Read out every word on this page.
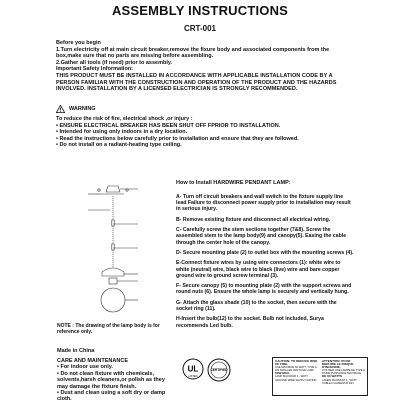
ASSEMBLY INSTRUCTIONS
CRT-001

Before you begin

1.Turn electricity off at main circuit breaker,remove the fixure body and associated components from the box,make sure that no parts are missing before assembling.

2.Gather all tools (if need) prior to assembly.

Important Safety Information:

THIS PRODUCT MUST BE INSTALLED IN ACCORDANCE WITH APPLICABLE INSTALLATION CODE BY A PERSON FAMILIAR WITH THE CONSTRUCTION AND OPERATION OF THE PRODUCT AND THE HAZARDS INVOLVED. INSTALLATION BY A LICENSED ELECTRICIAN IS STRONGLY RECOMMENDED.

WARNING

To reduce the risk of fire, electrical shock ,or injury :

• ENSURE ELECTRICAL BREAKER HAS BEEN SHUT OFF FPRIOR TO INSTALLATION.

• Intended for using only indoors in a dry location.

• Read the instructions below carefully prior to installation and ensure that they are followed.

• Do not install on a radiant-heating type ceiling.

How to Install HARDWIRE PENDANT LAMP:

A- Turn off circuit breakers and wall switch to the fixture supply line lead Failure to disconnect power supply prior to installation may result in serious injury.

B- Remove existing fixture and disconnect all electrical wiring.

C- Carefully screw the stem sections together (7&8). Screw the assembled stem to the lamp body(9) and canopy(5). Easing the cable through the center hole of the canopy.

D- Secure mounting plate (2) to outlet box with the mounting screws (4).

E-Connect fixture wires by using wire connectors (1): white wire to white (neutral) wire, black wire to black (live) wire and bare copper ground wire to ground screw terminal (3).

F- Secure canopy (5) to mounting plate (2) with the support screws and round nuts (6). Ensure the whole lamp is securely and vertically hung.

G- Attach the glass shade (10) to the socket, then secure with the socket ring (11).

H-Insert the bulb(12) to the socket. Bulb not included, Surya recommends Led bulb.

NOTE : The drawing of the lamp body is for reference only.
Made in China

CARE AND MAINTENANCE

• For indoor use only.

• Do not clean fixture with chemicals, solvents,harsh cleaners,or polish as they may damage the fixture finish.

• Dust and clean using a soft dry or damp cloth.

UL
LISTED
CERTIFIED
CAUTION: TO REDUCE RISK OF FIRE,
USE MAXIMUM 60 WATT, TYPE A
OR SMALLER WATTAGE LAMP
60W MAX.
LAMP MAXIMUM 1 - WATT,
GROUND WIRE SUPPLY RATING
ATTENTION: POUR REDUIRE LE RISQUE D'INCENDIE,
UTILISER UNE LAMPE DE TYPE A
D'UNE PUISSANCE MAXIMALE
DE 60 WATTS
LAMPE MAXIMUM 1 - WATT
CABLE D'ALIMENTATION
